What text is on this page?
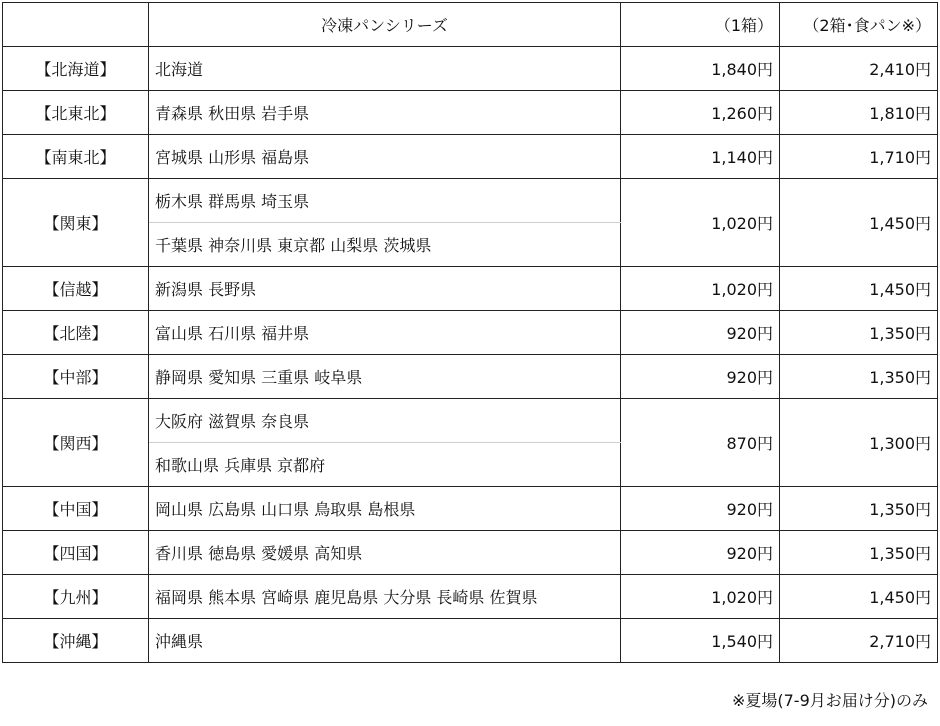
	冷凍パンシリーズ	（1箱）	（2箱･食パン※）
【北海道】	北海道	1,840円	2,410円
【北東北】	青森県 秋田県 岩手県	1,260円	1,810円
【南東北】	宮城県 山形県 福島県	1,140円	1,710円
【関東】	栃木県 群馬県 埼玉県	1,020円	1,450円
	千葉県 神奈川県 東京都 山梨県 茨城県		
【信越】	新潟県 長野県	1,020円	1,450円
【北陸】	富山県 石川県 福井県	920円	1,350円
【中部】	静岡県 愛知県 三重県 岐阜県	920円	1,350円
【関西】	大阪府 滋賀県 奈良県	870円	1,300円
	和歌山県 兵庫県 京都府		
【中国】	岡山県 広島県 山口県 鳥取県 島根県	920円	1,350円
【四国】	香川県 徳島県 愛媛県 高知県	920円	1,350円
【九州】	福岡県 熊本県 宮崎県 鹿児島県 大分県 長崎県 佐賀県	1,020円	1,450円
【沖縄】	沖縄県	1,540円	2,710円
※夏場(7-9月お届け分)のみ
